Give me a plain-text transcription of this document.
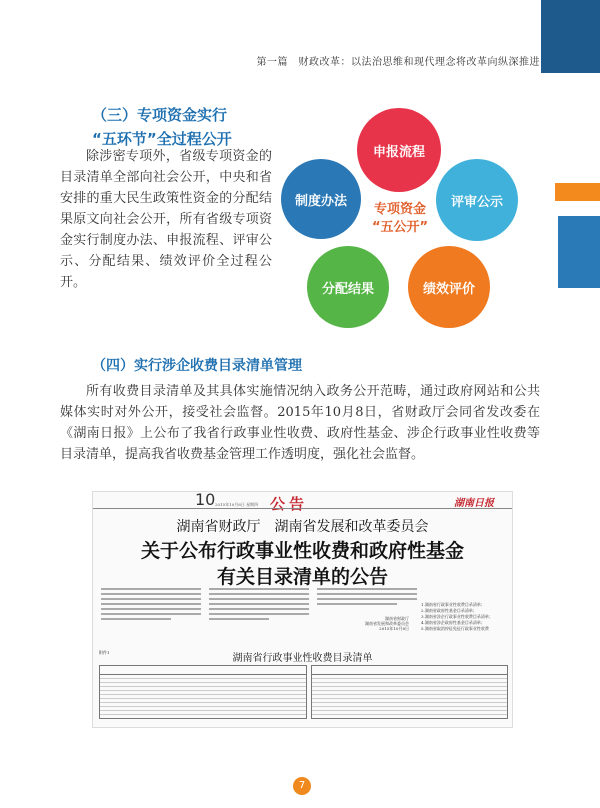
第一篇　财政改革：以法治思维和现代理念将改革向纵深推进
（三）专项资金实行
“五环节”全过程公开
除涉密专项外，省级专项资金的目录清单全部向社会公开，中央和省安排的重大民生政策性资金的分配结果原文向社会公开，所有省级专项资金实行制度办法、申报流程、评审公示、分配结果、绩效评价全过程公开。
申报流程
制度办法	评审公示
分配结果	绩效评价
专项资金
“五公开”
（四）实行涉企收费目录清单管理
所有收费目录清单及其具体实施情况纳入政务公开范畴，通过政府网站和公共媒体实时对外公开，接受社会监督。2015年10月8日，省财政厅会同省发改委在《湖南日报》上公布了我省行政事业性收费、政府性基金、涉企行政事业性收费等目录清单，提高我省收费基金管理工作透明度，强化社会监督。
10 2015年10月8日 星期四 公告	湖南日报
湖南省财政厅　湖南省发展和改革委员会
关于公布行政事业性收费和政府性基金
有关目录清单的公告
湖南省财政厅
湖南省发展和改革委员会
2015年10月8日
1.湖南省行政事业性收费目录清单；
2.湖南省政府性基金目录清单；
3.湖南省涉企行政事业性收费目录清单；
4.湖南省涉企政府性基金目录清单；
5.湖南省取消停征免征行政事业性收费
附件1
湖南省行政事业性收费目录清单
7
